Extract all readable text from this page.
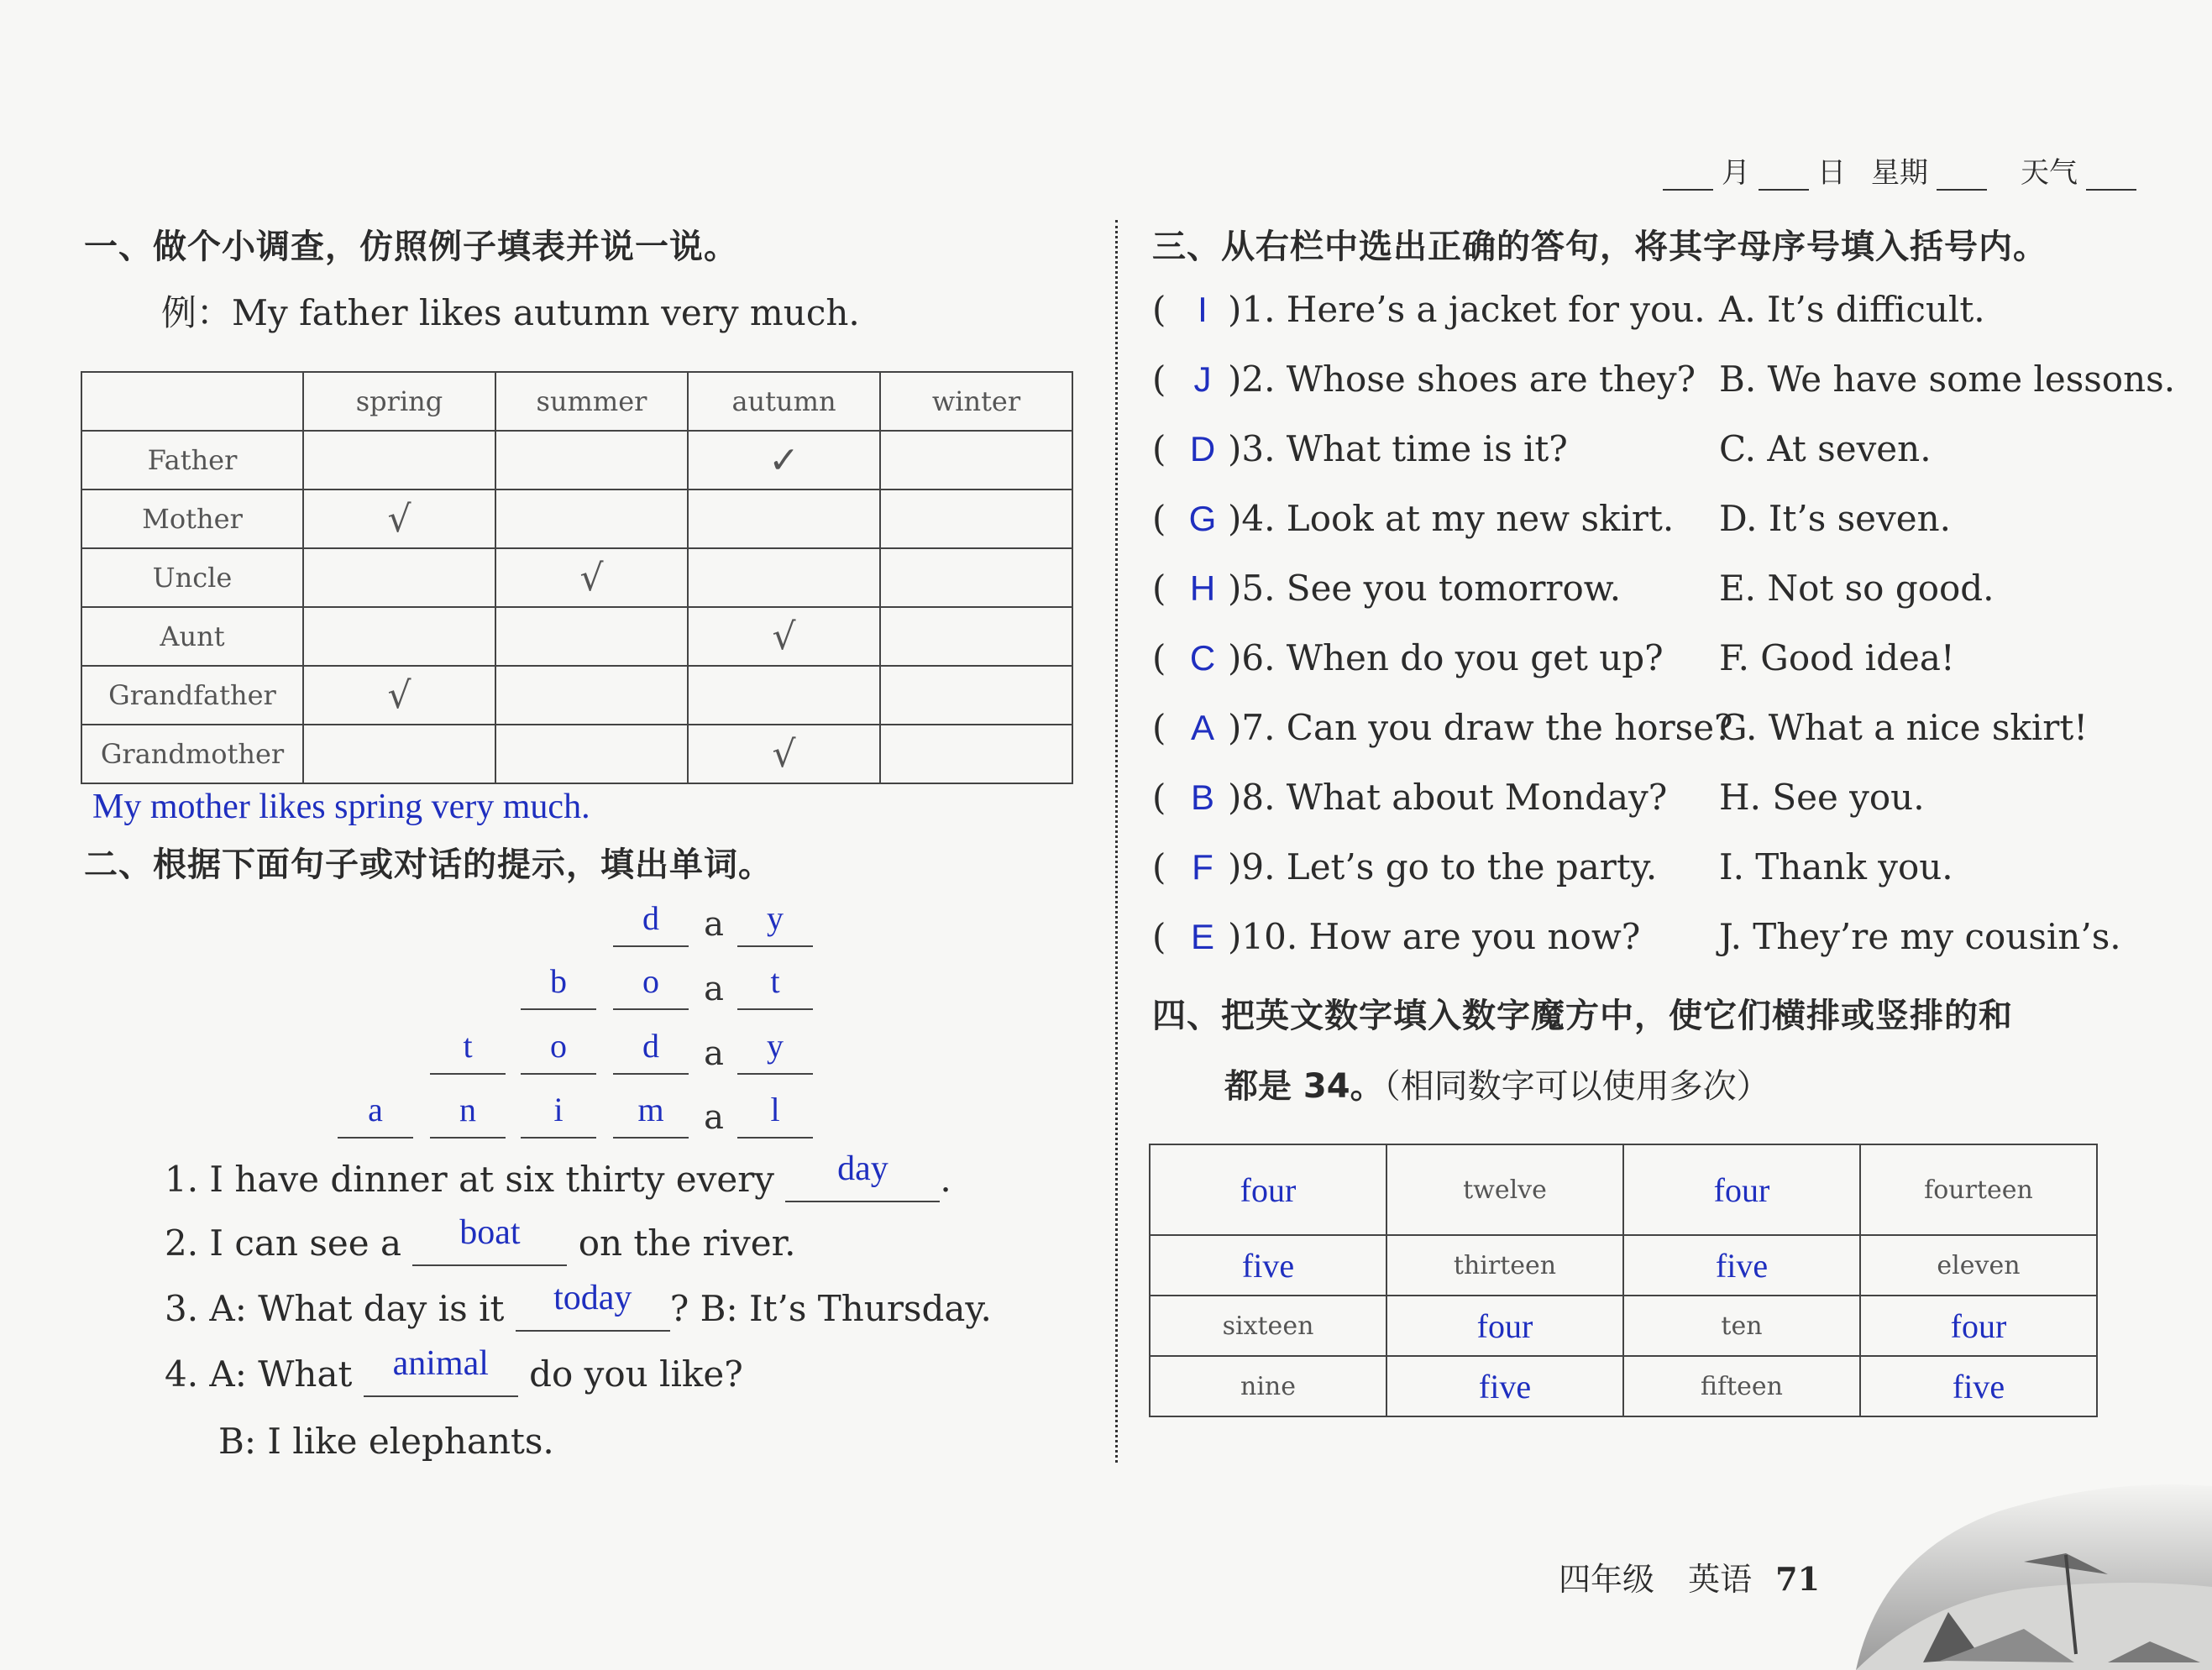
月 日 星期	天气
一、做个小调查，仿照例子填表并说一说。
例：My father likes autumn very much.
	spring	summer	autumn	winter
Father			✓	
Mother	√			
Uncle		√		
Aunt			√	
Grandfather	√			
Grandmother			√	
My mother likes spring very much.
二、根据下面句子或对话的提示，填出单词。
d	a	y
b	o	a	t
t	o	d	a	y
a	n	i	m	a	l
1. I have dinner at six thirty every day .
2. I can see a boat on the river.
3. A: What day is it today ? B: It’s Thursday.
4. A: What animal do you like?
B: I like elephants.
三、从右栏中选出正确的答句，将其字母序号填入括号内。
( I )1. Here’s a jacket for you. A. It’s difficult.
( J )2. Whose shoes are they? B. We have some lessons.
( D )3. What time is it?	C. At seven.
( G )4. Look at my new skirt. D. It’s seven.
( H )5. See you tomorrow.	E. Not so good.
( C )6. When do you get up? F. Good idea!
( A )7. Can you draw the horse?G. What a nice skirt!
( B )8. What about Monday? H. See you.
( F )9. Let’s go to the party. I. Thank you.
( E )10. How are you now? J. They’re my cousin’s.
四、把英文数字填入数字魔方中，使它们横排或竖排的和
都是 34。（相同数字可以使用多次）
four	twelve	four	fourteen
five	thirteen	five	eleven
sixteen	four	ten	four
nine	five	fifteen	five
四年级 英语 71
